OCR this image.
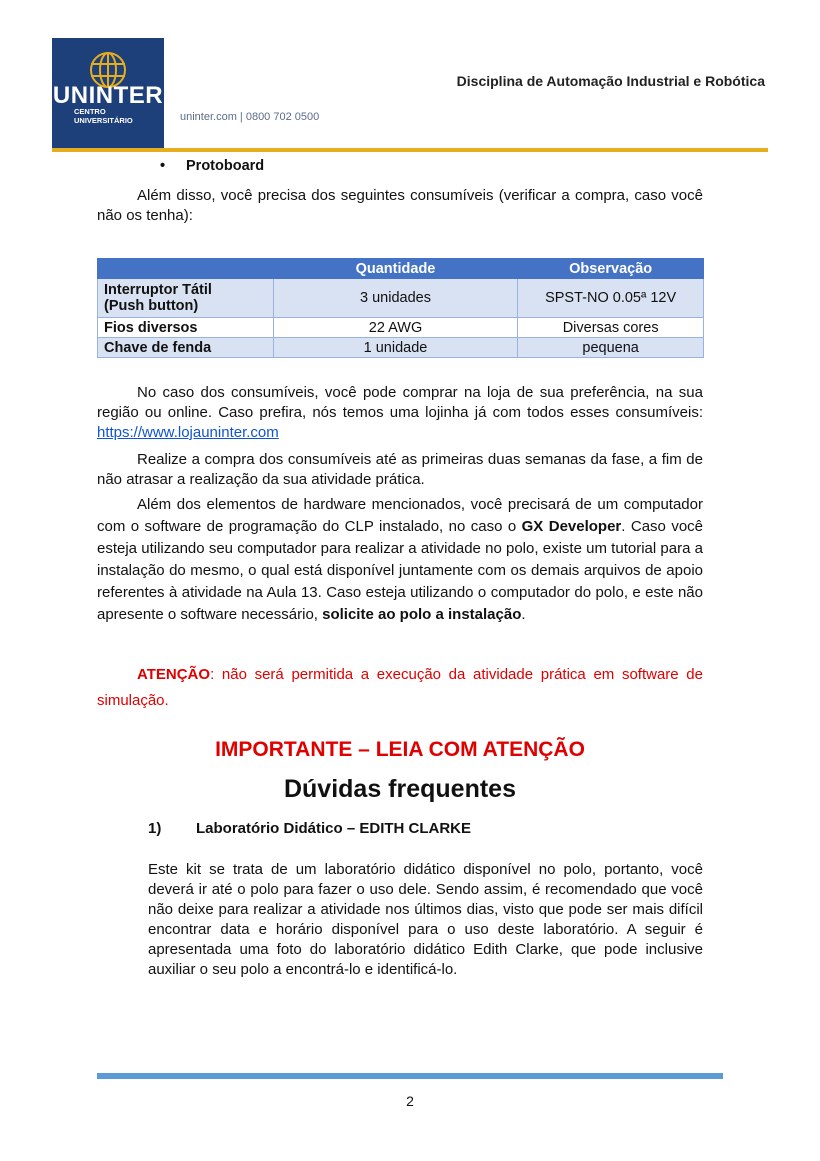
UNINTER
CENTRO
UNIVERSITÁRIO	uninter.com | 0800 702 0500
Disciplina de Automação Industrial e Robótica
• Protoboard
Além disso, você precisa dos seguintes consumíveis (verificar a compra, caso você não os tenha):
	Quantidade	Observação

Interruptor Tátil
(Push button)	3 unidades	SPST-NO 0.05ª 12V
Fios diversos	22 AWG	Diversas cores
Chave de fenda	1 unidade	pequena
No caso dos consumíveis, você pode comprar na loja de sua preferência, na sua região ou online. Caso prefira, nós temos uma lojinha já com todos esses consumíveis: https://www.lojauninter.com
Realize a compra dos consumíveis até as primeiras duas semanas da fase, a fim de não atrasar a realização da sua atividade prática.
Além dos elementos de hardware mencionados, você precisará de um computador com o software de programação do CLP instalado, no caso o GX Developer. Caso você esteja utilizando seu computador para realizar a atividade no polo, existe um tutorial para a instalação do mesmo, o qual está disponível juntamente com os demais arquivos de apoio referentes à atividade na Aula 13. Caso esteja utilizando o computador do polo, e este não apresente o software necessário, solicite ao polo a instalação.
ATENÇÃO: não será permitida a execução da atividade prática em software de simulação.
IMPORTANTE – LEIA COM ATENÇÃO
Dúvidas frequentes
1) Laboratório Didático – EDITH CLARKE
Este kit se trata de um laboratório didático disponível no polo, portanto, você deverá ir até o polo para fazer o uso dele. Sendo assim, é recomendado que você não deixe para realizar a atividade nos últimos dias, visto que pode ser mais difícil encontrar data e horário disponível para o uso deste laboratório. A seguir é apresentada uma foto do laboratório didático Edith Clarke, que pode inclusive auxiliar o seu polo a encontrá-lo e identificá-lo.
2
